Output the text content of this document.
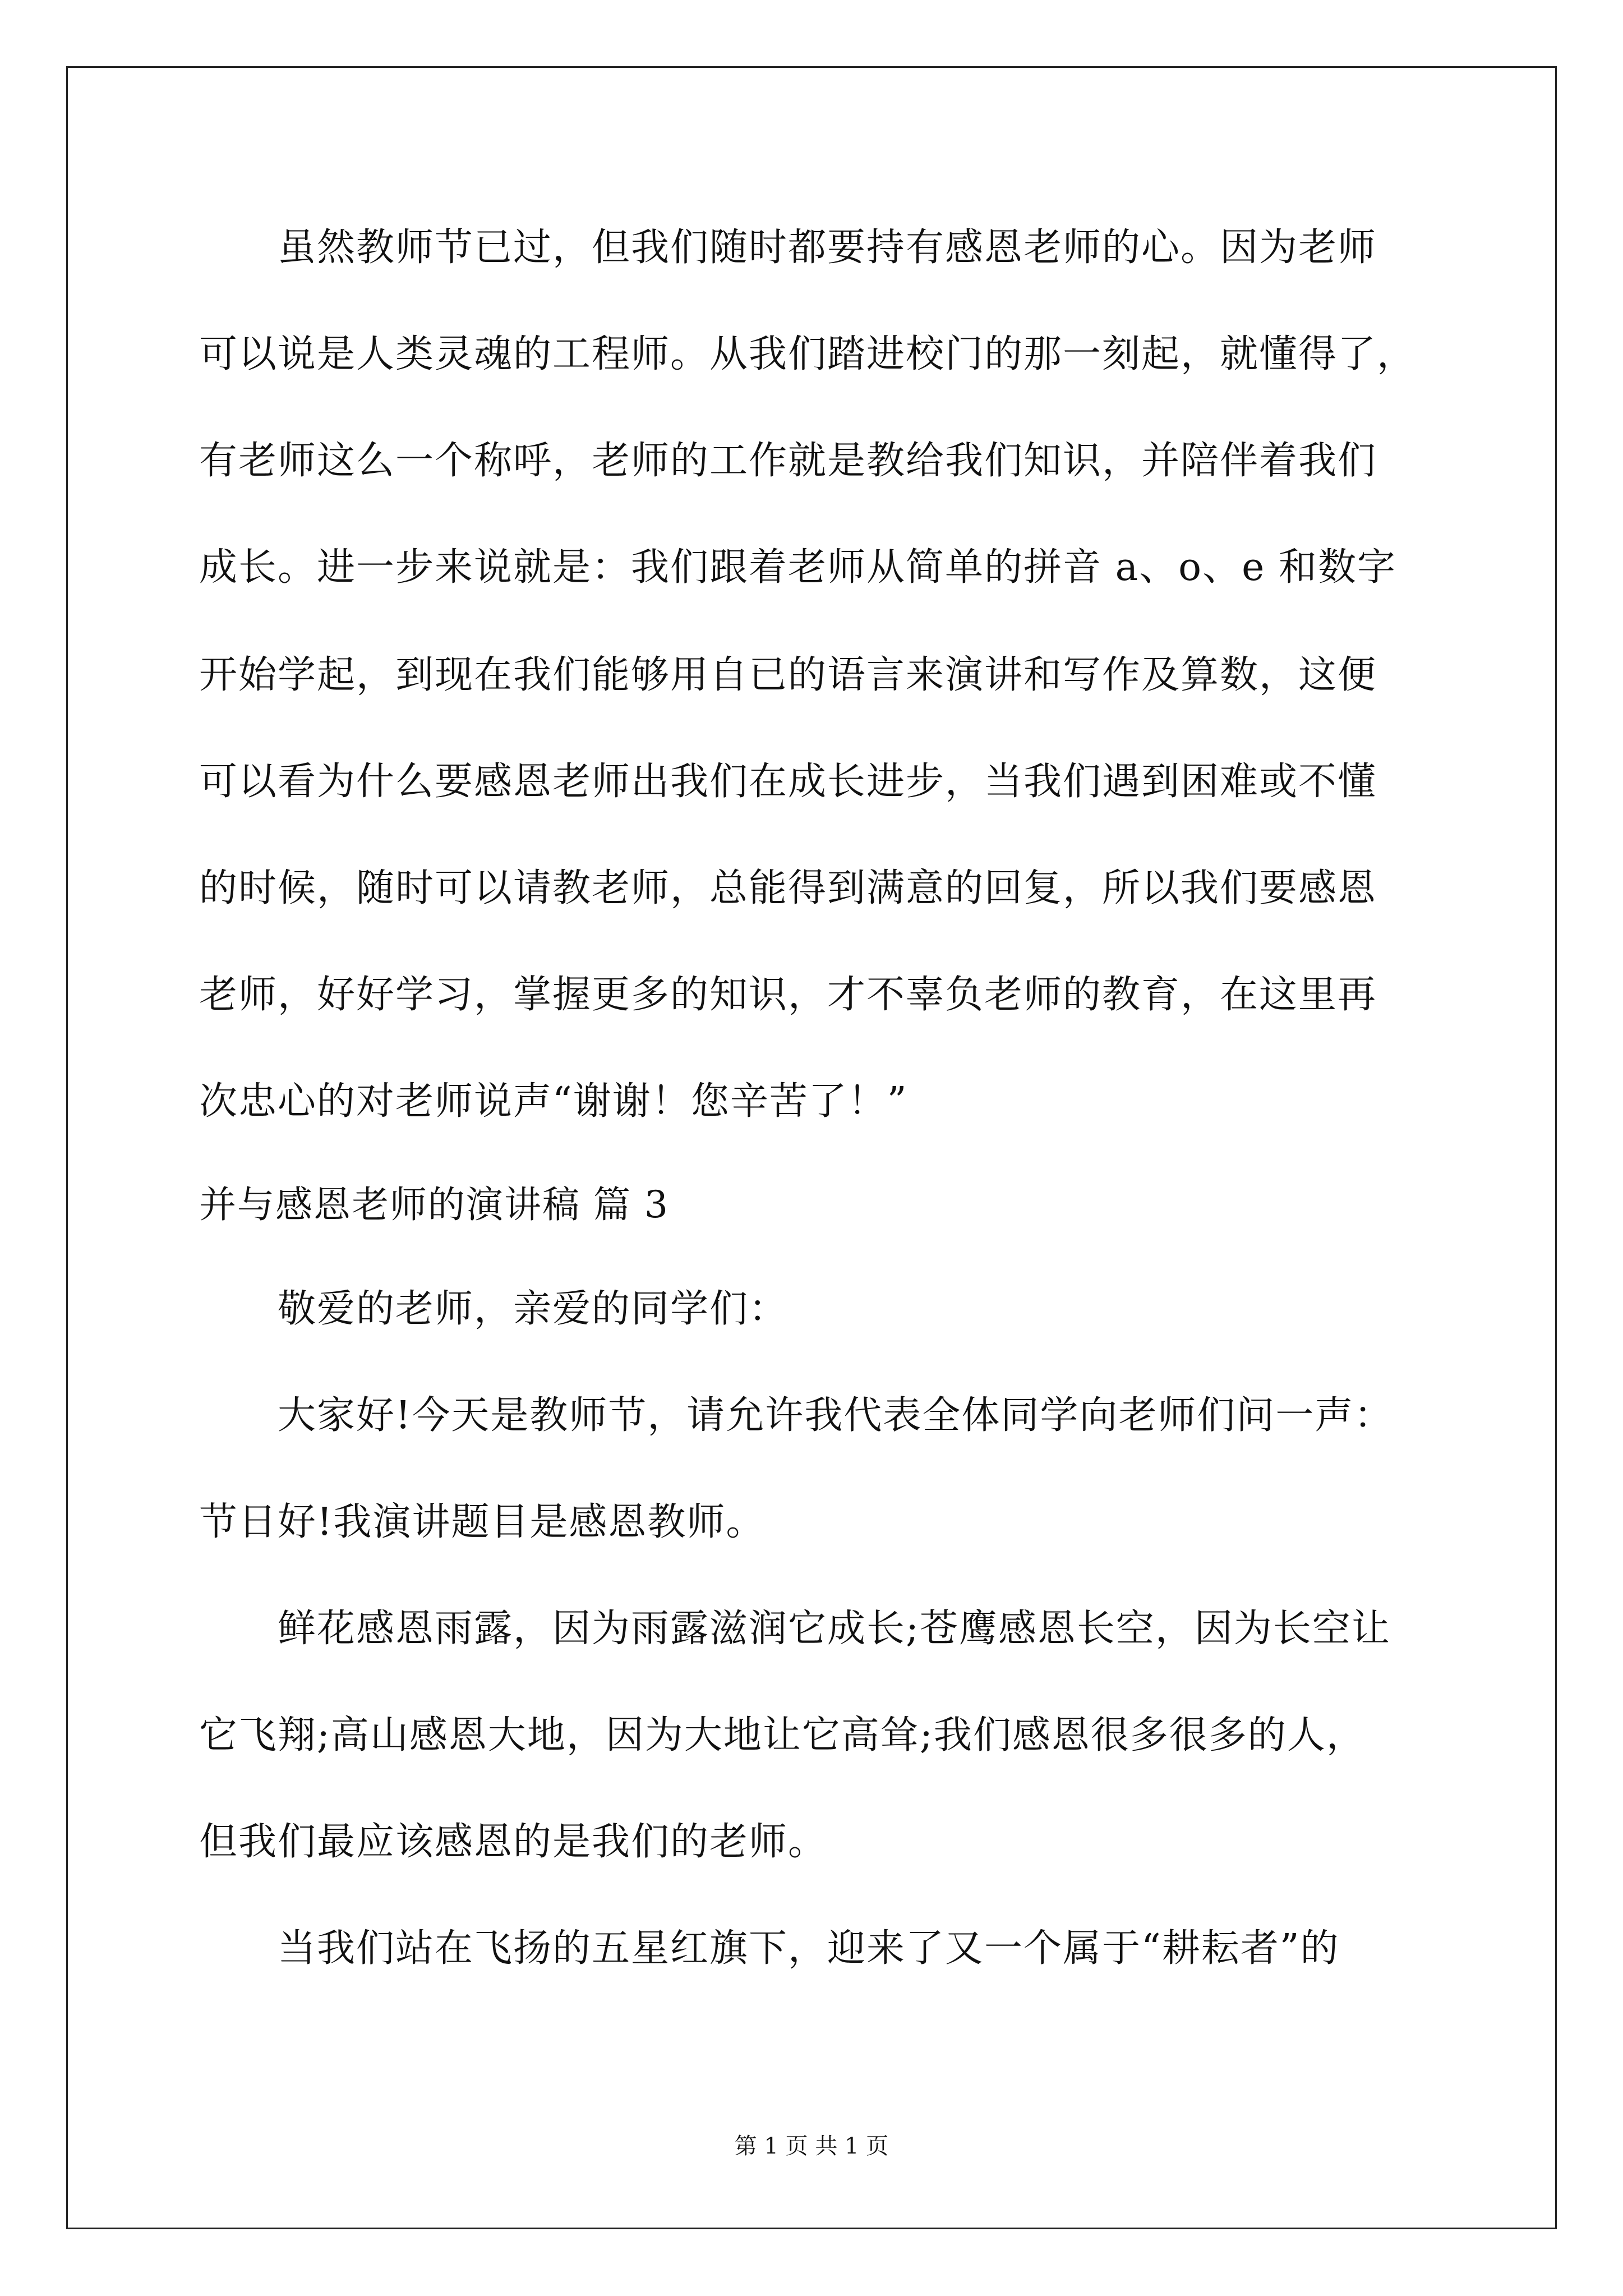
虽然教师节已过，但我们随时都要持有感恩老师的心。因为老师
可以说是人类灵魂的工程师。从我们踏进校门的那一刻起，就懂得了，
有老师这么一个称呼，老师的工作就是教给我们知识，并陪伴着我们
成长。进一步来说就是：我们跟着老师从简单的拼音 a、o、e 和数字
开始学起，到现在我们能够用自已的语言来演讲和写作及算数，这便
可以看为什么要感恩老师出我们在成长进步，当我们遇到困难或不懂
的时候，随时可以请教老师，总能得到满意的回复，所以我们要感恩
老师，好好学习，掌握更多的知识，才不辜负老师的教育，在这里再
次忠心的对老师说声“谢谢！您辛苦了！”
并与感恩老师的演讲稿 篇 3
敬爱的老师，亲爱的同学们：
大家好!今天是教师节，请允许我代表全体同学向老师们问一声：
节日好!我演讲题目是感恩教师。
鲜花感恩雨露，因为雨露滋润它成长;苍鹰感恩长空，因为长空让
它飞翔;高山感恩大地，因为大地让它高耸;我们感恩很多很多的人，
但我们最应该感恩的是我们的老师。
当我们站在飞扬的五星红旗下，迎来了又一个属于“耕耘者”的
第 1 页 共 1 页
